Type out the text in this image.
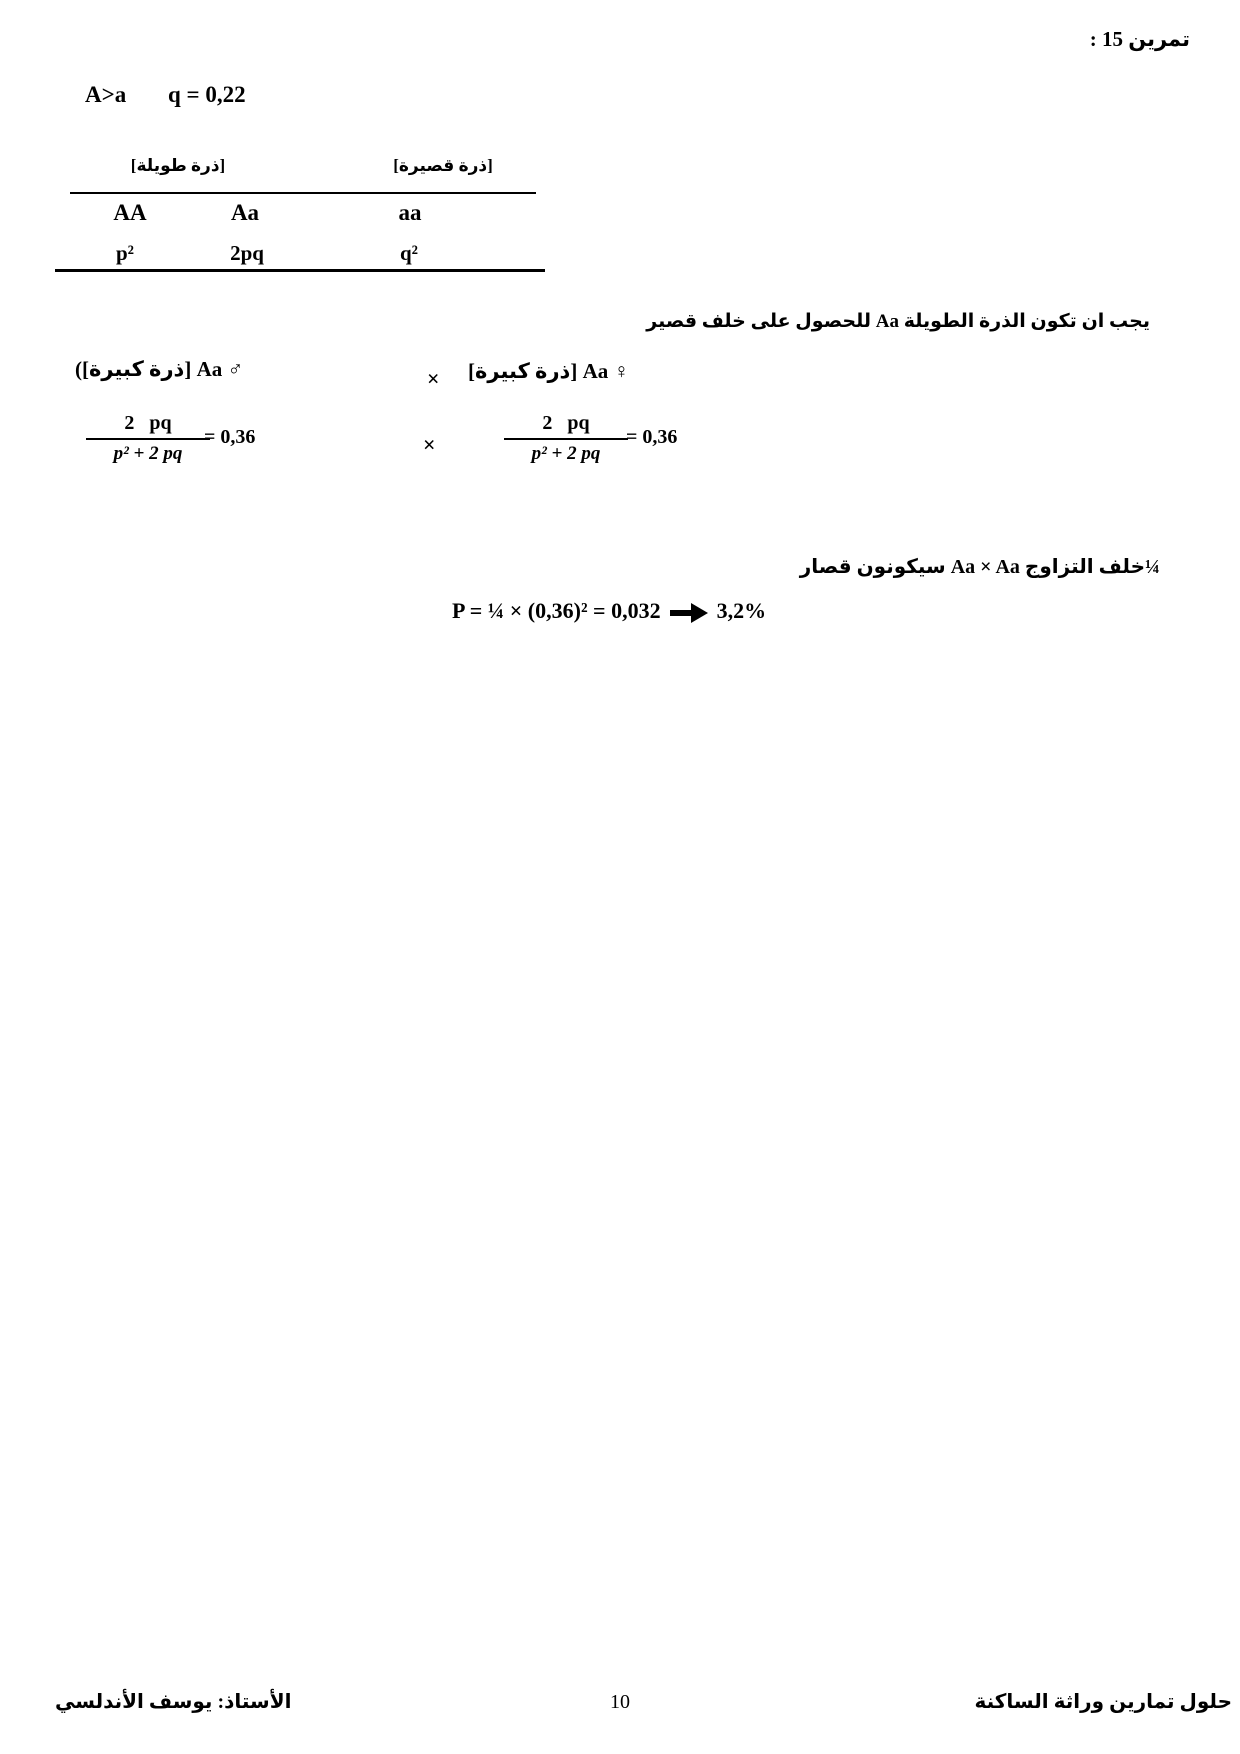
تمرين 15 :
A>a q = 0,22
[ذرة طويلة]	[ذرة قصيرة]
AA	Aa	aa
p²	2pq	q²
يجب ان تكون الذرة الطويلة Aa للحصول على خلف قصير
♂ Aa [ذرة كبيرة])	× ♀ Aa [ذرة كبيرة]
$\frac{2 pq}{\text{p² + 2 pq}}$
= 0,36	×	$\frac{2 pq}{\text{p² + 2 pq}}$
= 0,36
¼خلف التزاوج Aa × Aa سيكونون قصار
P = ¼ × (0,36)² = 0,032	3,2%
الأستاذ: يوسف الأندلسي	10	حلول تمارين وراثة الساكنة
